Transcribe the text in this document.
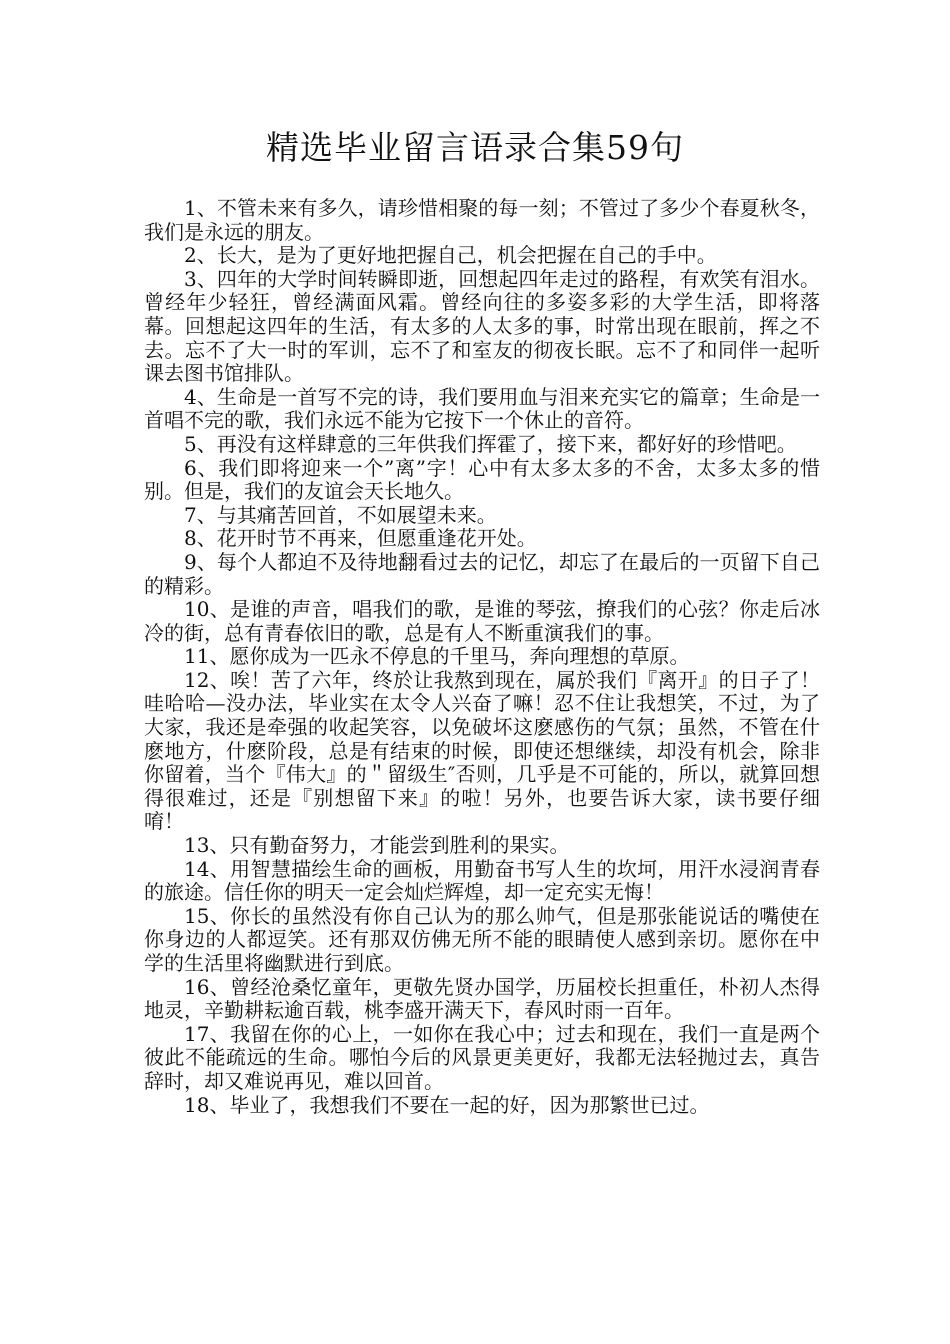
精选毕业留言语录合集59句

1、不管未来有多久，请珍惜相聚的每一刻；不管过了多少个春夏秋冬，我们是永远的朋友。

2、长大，是为了更好地把握自己，机会把握在自己的手中。

3、四年的大学时间转瞬即逝，回想起四年走过的路程，有欢笑有泪水。曾经年少轻狂，曾经满面风霜。曾经向往的多姿多彩的大学生活，即将落幕。回想起这四年的生活，有太多的人太多的事，时常出现在眼前，挥之不去。忘不了大一时的军训，忘不了和室友的彻夜长眠。忘不了和同伴一起听课去图书馆排队。

4、生命是一首写不完的诗，我们要用血与泪来充实它的篇章；生命是一首唱不完的歌，我们永远不能为它按下一个休止的音符。

5、再没有这样肆意的三年供我们挥霍了，接下来，都好好的珍惜吧。

6、我们即将迎来一个”离”字！心中有太多太多的不舍，太多太多的惜别。但是，我们的友谊会天长地久。

7、与其痛苦回首，不如展望未来。

8、花开时节不再来，但愿重逢花开处。

9、每个人都迫不及待地翻看过去的记忆，却忘了在最后的一页留下自己的精彩。

10、是谁的声音，唱我们的歌，是谁的琴弦，撩我们的心弦？你走后冰冷的街，总有青春依旧的歌，总是有人不断重演我们的事。

11、愿你成为一匹永不停息的千里马，奔向理想的草原。

12、唉！苦了六年，终於让我熬到现在，属於我们『离开』的日子了！哇哈哈—没办法，毕业实在太令人兴奋了嘛！忍不住让我想笑，不过，为了大家，我还是牵强的收起笑容，以免破坏这麽感伤的气氛；虽然，不管在什麽地方，什麽阶段，总是有结束的时候，即使还想继续，却没有机会，除非你留着，当个『伟大』的＂留级生″否则，几乎是不可能的，所以，就算回想得很难过，还是『别想留下来』的啦！另外，也要告诉大家，读书要仔细唷！

13、只有勤奋努力，才能尝到胜利的果实。

14、用智慧描绘生命的画板，用勤奋书写人生的坎坷，用汗水浸润青春的旅途。信任你的明天一定会灿烂辉煌，却一定充实无悔！

15、你长的虽然没有你自己认为的那么帅气，但是那张能说话的嘴使在你身边的人都逗笑。还有那双仿佛无所不能的眼睛使人感到亲切。愿你在中学的生活里将幽默进行到底。

16、曾经沧桑忆童年，更敬先贤办国学，历届校长担重任，朴初人杰得地灵，辛勤耕耘逾百载，桃李盛开满天下，春风时雨一百年。

17、我留在你的心上，一如你在我心中；过去和现在，我们一直是两个彼此不能疏远的生命。哪怕今后的风景更美更好，我都无法轻抛过去，真告辞时，却又难说再见，难以回首。

18、毕业了，我想我们不要在一起的好，因为那繁世已过。
